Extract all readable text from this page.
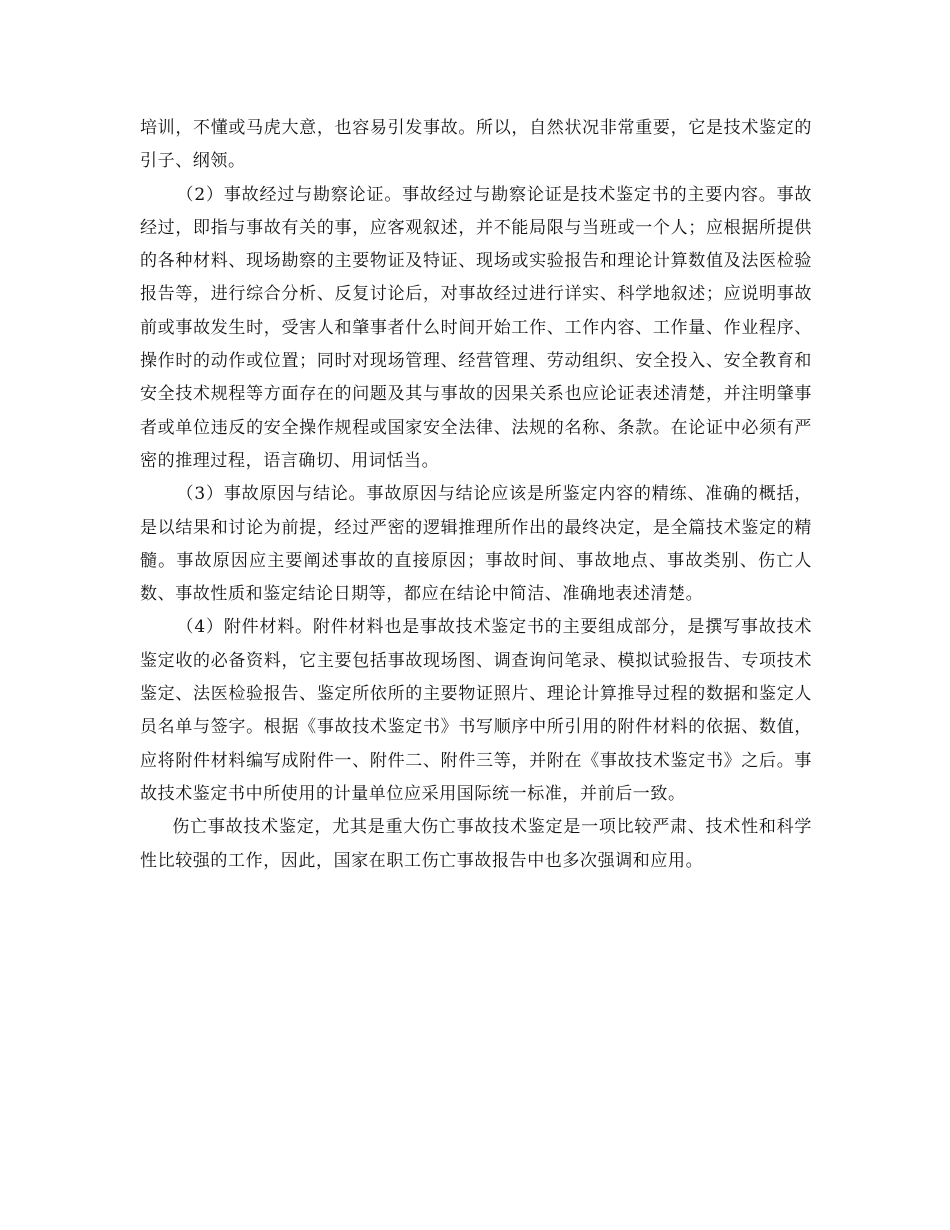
培训，不懂或马虎大意，也容易引发事故。所以，自然状况非常重要，它是技术鉴定的引子、纲领。

（2）事故经过与勘察论证。事故经过与勘察论证是技术鉴定书的主要内容。事故经过，即指与事故有关的事，应客观叙述，并不能局限与当班或一个人；应根据所提供的各种材料、现场勘察的主要物证及特证、现场或实验报告和理论计算数值及法医检验报告等，进行综合分析、反复讨论后，对事故经过进行详实、科学地叙述；应说明事故前或事故发生时，受害人和肇事者什么时间开始工作、工作内容、工作量、作业程序、操作时的动作或位置；同时对现场管理、经营管理、劳动组织、安全投入、安全教育和安全技术规程等方面存在的问题及其与事故的因果关系也应论证表述清楚，并注明肇事者或单位违反的安全操作规程或国家安全法律、法规的名称、条款。在论证中必须有严密的推理过程，语言确切、用词恬当。

（3）事故原因与结论。事故原因与结论应该是所鉴定内容的精练、准确的概括，是以结果和讨论为前提，经过严密的逻辑推理所作出的最终决定，是全篇技术鉴定的精髓。事故原因应主要阐述事故的直接原因；事故时间、事故地点、事故类别、伤亡人数、事故性质和鉴定结论日期等，都应在结论中简洁、准确地表述清楚。

（4）附件材料。附件材料也是事故技术鉴定书的主要组成部分，是撰写事故技术鉴定收的必备资料，它主要包括事故现场图、调查询问笔录、模拟试验报告、专项技术鉴定、法医检验报告、鉴定所依所的主要物证照片、理论计算推导过程的数据和鉴定人员名单与签字。根据《事故技术鉴定书》书写顺序中所引用的附件材料的依据、数值，应将附件材料编写成附件一、附件二、附件三等，并附在《事故技术鉴定书》之后。事故技术鉴定书中所使用的计量单位应采用国际统一标准，并前后一致。

伤亡事故技术鉴定，尤其是重大伤亡事故技术鉴定是一项比较严肃、技术性和科学性比较强的工作，因此，国家在职工伤亡事故报告中也多次强调和应用。
